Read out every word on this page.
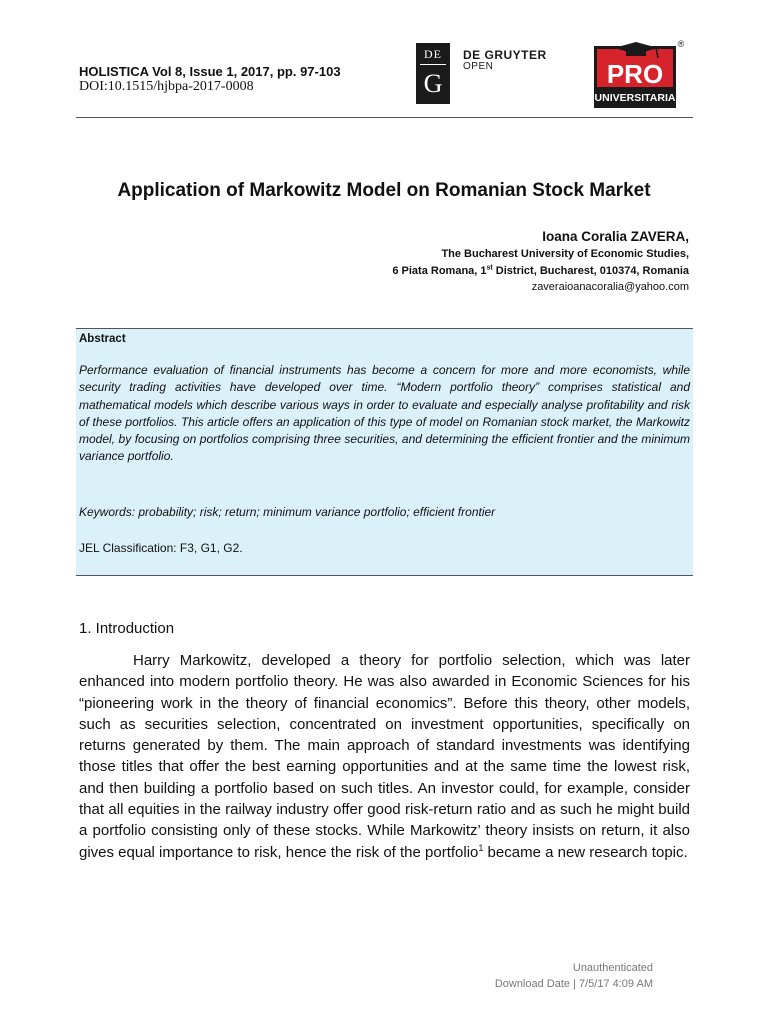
HOLISTICA Vol 8, Issue 1, 2017, pp. 97-103
DOI:10.1515/hjbpa-2017-0008
DE
G
DE GRUYTER
OPEN	PRO
UNIVERSITARIA
®
Application of Markowitz Model on Romanian Stock Market
Ioana Coralia ZAVERA,
The Bucharest University of Economic Studies,
6 Piata Romana, 1st District, Bucharest, 010374, Romania
zaveraioanacoralia@yahoo.com
Abstract

Performance evaluation of financial instruments has become a concern for more and more economists, while security trading activities have developed over time. “Modern portfolio theory” comprises statistical and mathematical models which describe various ways in order to evaluate and especially analyse profitability and risk of these portfolios. This article offers an application of this type of model on Romanian stock market, the Markowitz model, by focusing on portfolios comprising three securities, and determining the efficient frontier and the minimum variance portfolio.

Keywords: probability; risk; return; minimum variance portfolio; efficient frontier
JEL Classification: F3, G1, G2.
1. Introduction

Harry Markowitz, developed a theory for portfolio selection, which was later enhanced into modern portfolio theory. He was also awarded in Economic Sciences for his “pioneering work in the theory of financial economics”. Before this theory, other models, such as securities selection, concentrated on investment opportunities, specifically on returns generated by them. The main approach of standard investments was identifying those titles that offer the best earning opportunities and at the same time the lowest risk, and then building a portfolio based on such titles. An investor could, for example, consider that all equities in the railway industry offer good risk-return ratio and as such he might build a portfolio consisting only of these stocks. While Markowitz’ theory insists on return, it also gives equal importance to risk, hence the risk of the portfolio$^1$ became a new research topic.

Unauthenticated
Download Date | 7/5/17 4:09 AM
